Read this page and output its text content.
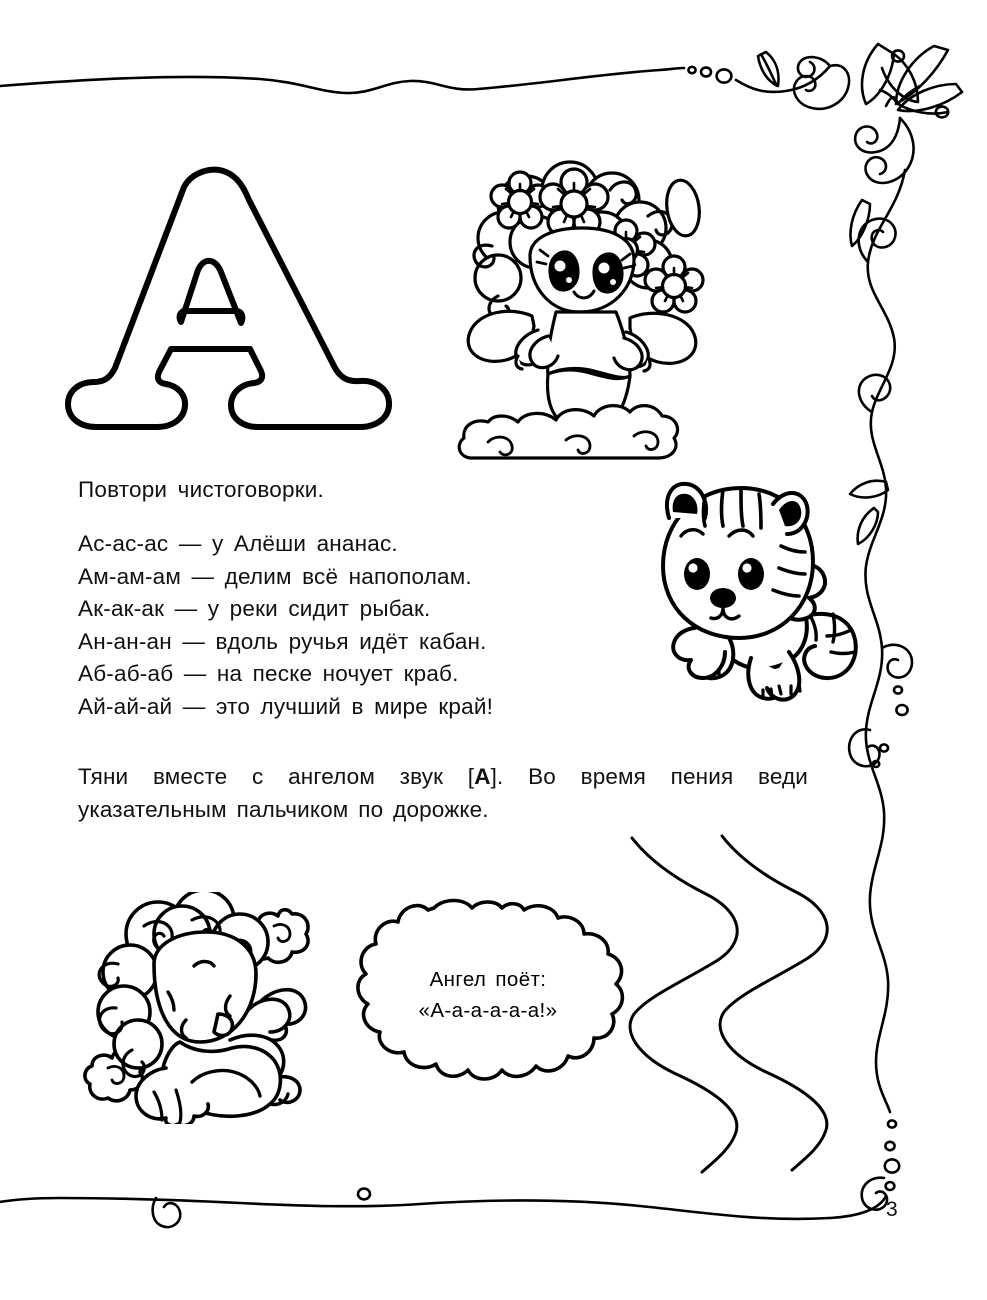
Ангел поёт:
«А-а-а-а-а-а!»
Повтори чистоговорки.
Ас-ас-ас — у Алёши ананас.
Ам-ам-ам — делим всё напополам.
Ак-ак-ак — у реки сидит рыбак.
Ан-ан-ан — вдоль ручья идёт кабан.
Аб-аб-аб — на песке ночует краб.
Ай-ай-ай — это лучший в мире край!
Тяни вместе с ангелом звук [А]. Во время пения веди указательным пальчиком по дорожке.
3
